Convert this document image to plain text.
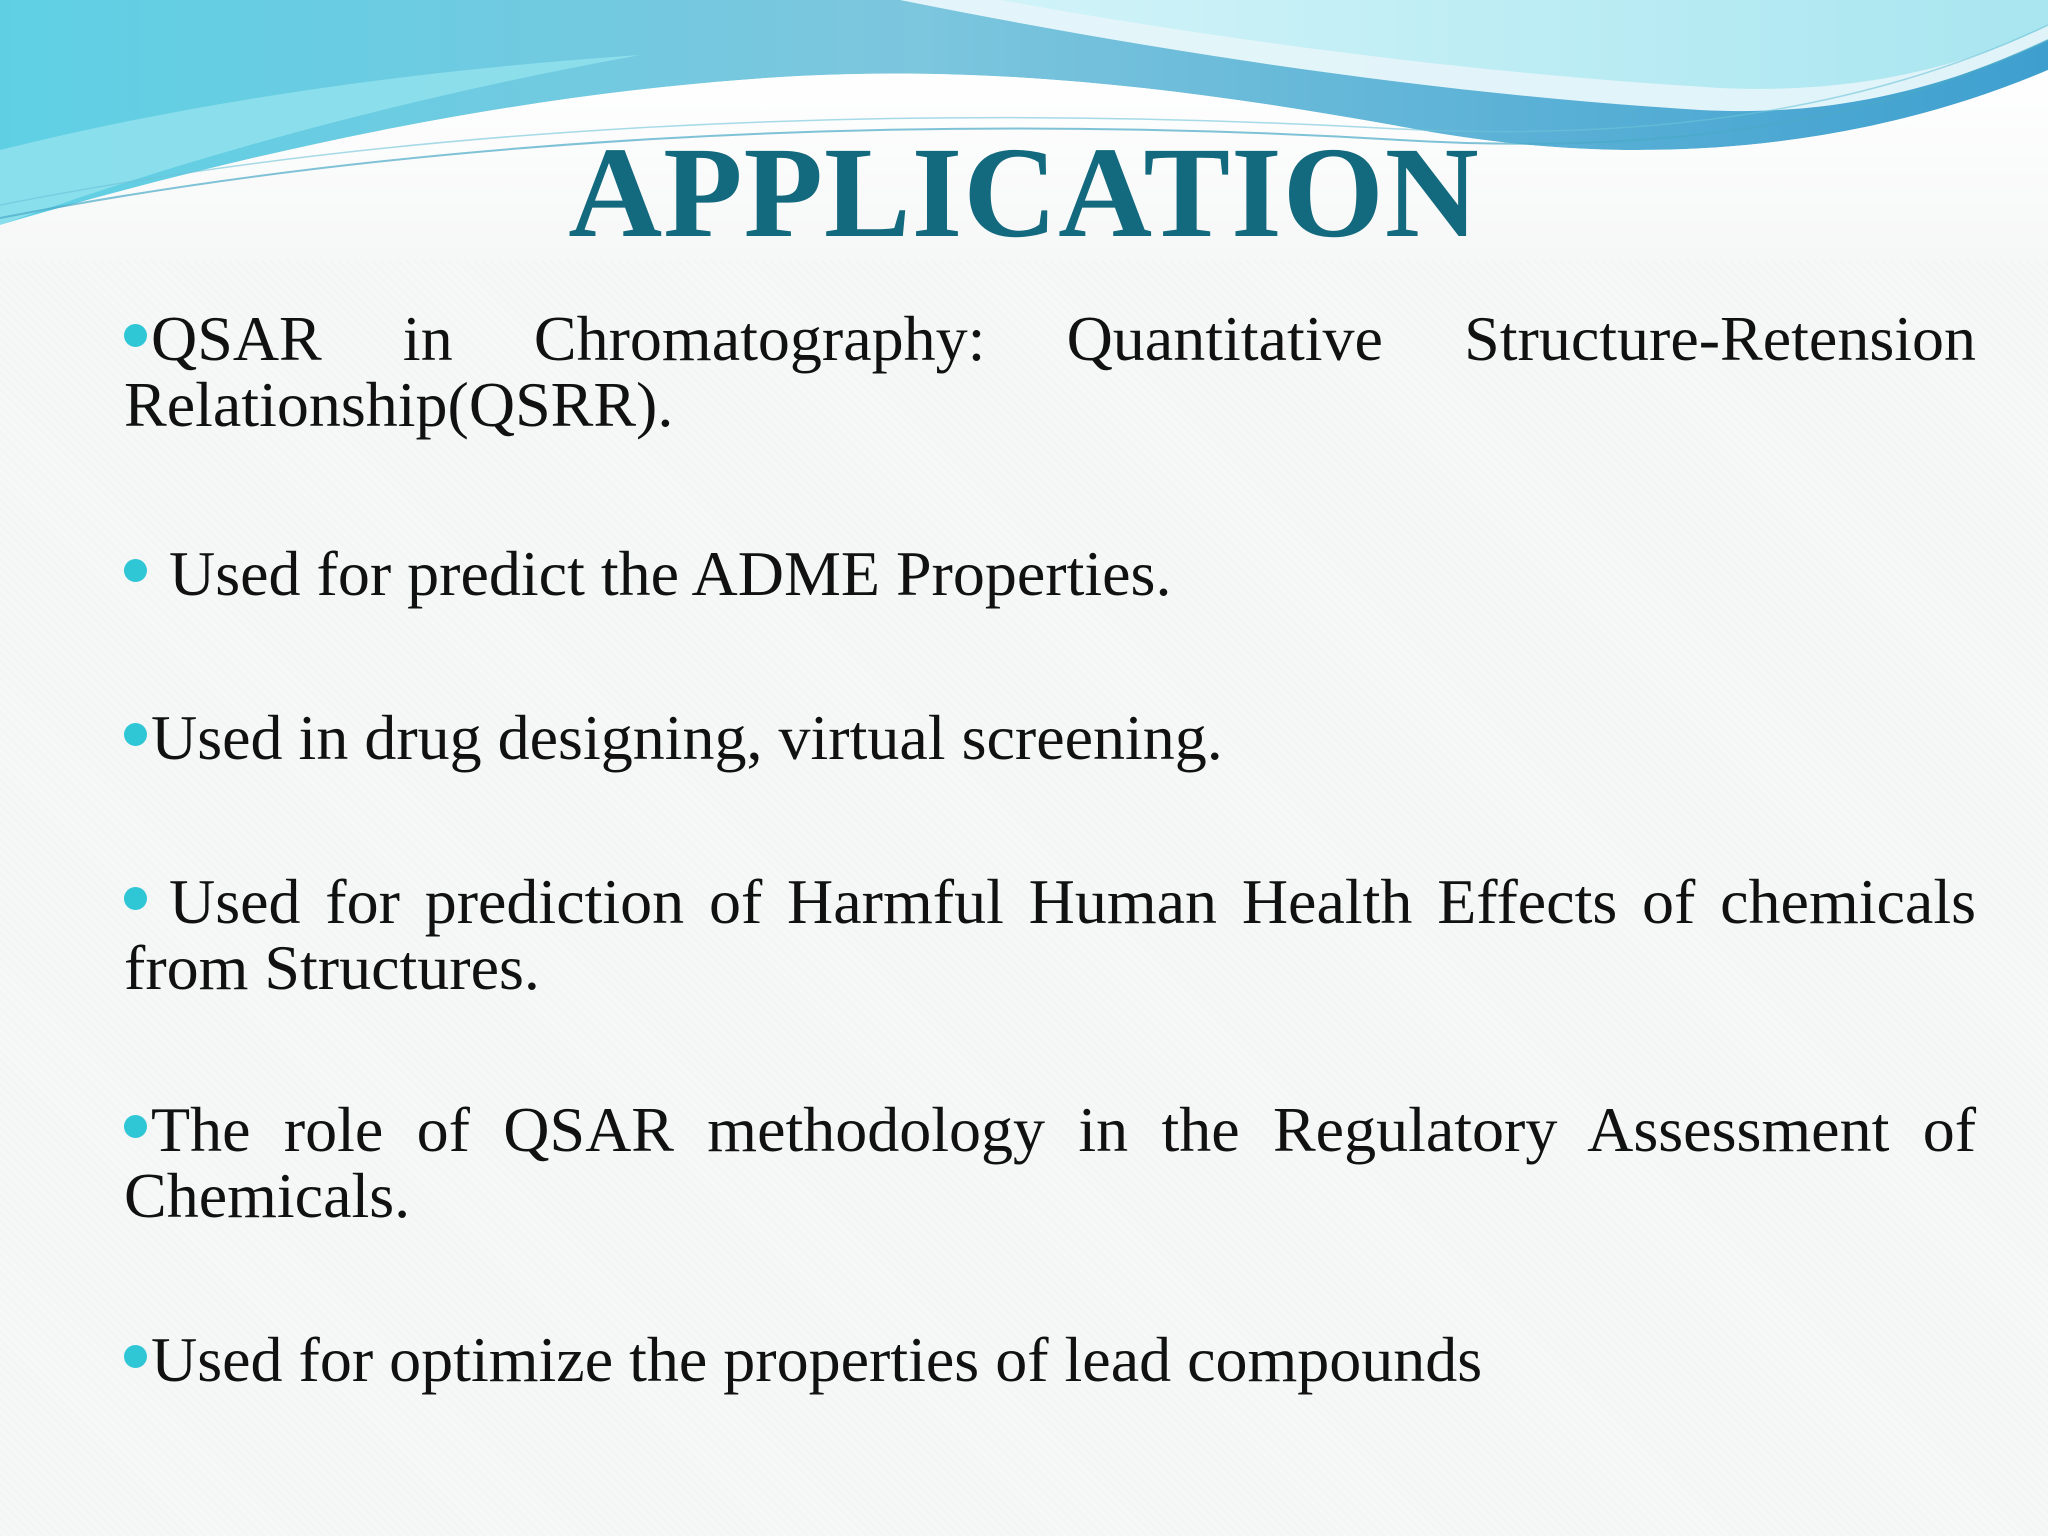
APPLICATION
QSAR in Chromatography: Quantitative Structure-Retension Relationship(QSRR).
Used for predict the ADME Properties.
Used in drug designing, virtual screening.
Used for prediction of Harmful Human Health Effects of chemicals from Structures.
The role of QSAR methodology in the Regulatory Assessment of Chemicals.
Used for optimize the properties of lead compounds
